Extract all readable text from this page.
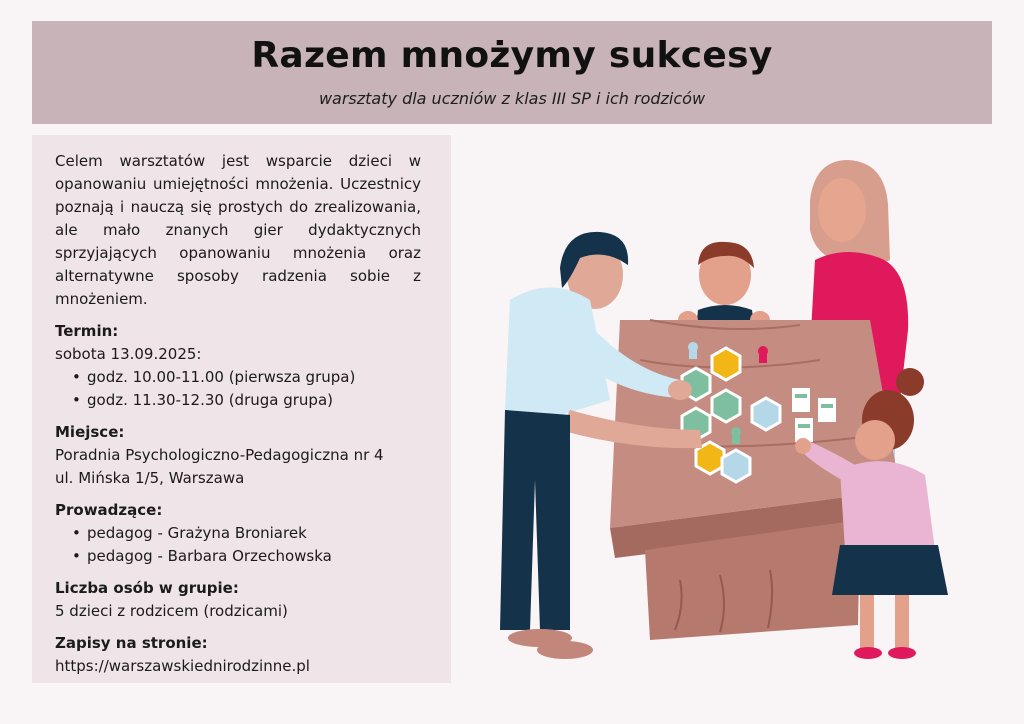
Razem mnożymy sukcesy
warsztaty dla uczniów z klas III SP i ich rodziców
Celem warsztatów jest wsparcie dzieci w opanowaniu umiejętności mnożenia. Uczestnicy poznają i nauczą się prostych do zrealizowania, ale mało znanych gier dydaktycznych sprzyjających opanowaniu mnożenia oraz alternatywne sposoby radzenia sobie z mnożeniem.

Termin:

sobota 13.09.2025:

• godz. 10.00-11.00 (pierwsza grupa)
• godz. 11.30-12.30 (druga grupa)

Miejsce:

Poradnia Psychologiczno-Pedagogiczna nr 4

ul. Mińska 1/5, Warszawa

Prowadzące:

• pedagog - Grażyna Broniarek
• pedagog - Barbara Orzechowska

Liczba osób w grupie:

5 dzieci z rodzicem (rodzicami)

Zapisy na stronie:

https://warszawskiednirodzinne.pl
